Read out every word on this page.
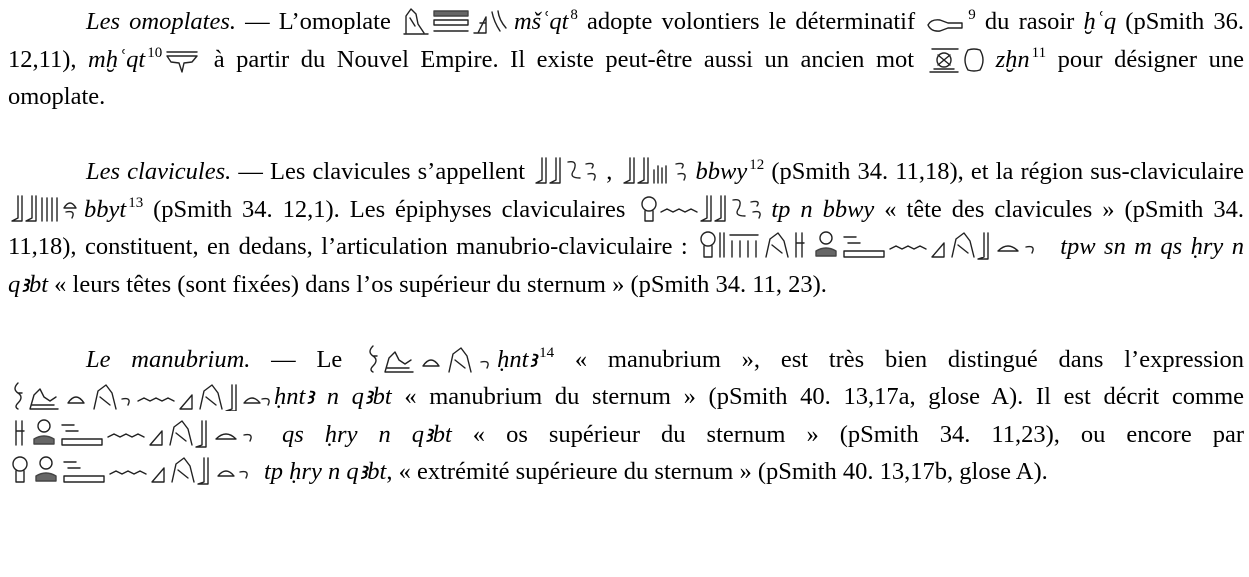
Les omoplates. — L’omoplate	mšʿqt $^8$ adopte volontiers le déterminatif	$^9$ du rasoir ḫʿq (pSmith 36. 12,11), mḫʿqt $^{10}$
à partir du Nouvel Empire. Il existe peut-être aussi un ancien mot	zḫn $^{11}$ pour désigner une omoplate.

Les clavicules. — Les clavicules s’appellent	,	bbwy $^{12}$ (pSmith 34. 11,18), et la région sus-claviculaire
bbyt $^{13}$ (pSmith 34. 12,1). Les épiphyses claviculaires	tp n bbwy « tête des clavicules » (pSmith 34. 11,18), constituent, en dedans, l’articulation manubrio-claviculaire :	tpw sn m qs ḥry n qꜣbt « leurs têtes (sont fixées) dans l’os supérieur du sternum » (pSmith 34. 11, 23).

Le manubrium. — Le	ḥntꜣ $^{14}$ « manubrium », est très bien distingué dans l’expression
ḥntꜣ n qꜣbt « manubrium du sternum » (pSmith 40. 13,17a, glose A). Il est décrit comme
qs ḥry n qꜣbt « os supérieur du sternum » (pSmith 34. 11,23), ou encore par
tp ḥry n qꜣbt, « extrémité supérieure du sternum » (pSmith 40. 13,17b, glose A).
